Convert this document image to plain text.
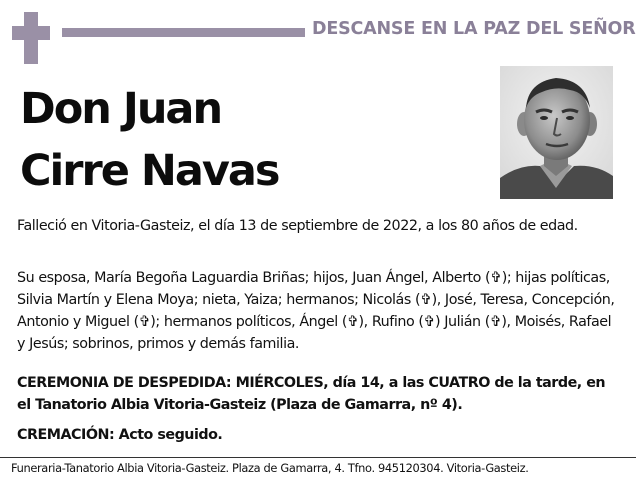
DESCANSE EN LA PAZ DEL SEÑOR
Don Juan
Cirre Navas

Falleció en Vitoria-Gasteiz, el día 13 de septiembre de 2022, a los 80 años de edad.

Su esposa, María Begoña Laguardia Briñas; hijos, Juan Ángel, Alberto (✞); hijas políticas, Silvia Martín y Elena Moya; nieta, Yaiza; hermanos; Nicolás (✞), José, Teresa, Concepción, Antonio y Miguel (✞); hermanos políticos, Ángel (✞), Rufino (✞) Julián (✞), Moisés, Rafael y Jesús; sobrinos, primos y demás familia.

CEREMONIA DE DESPEDIDA: MIÉRCOLES, día 14, a las CUATRO de la tarde, en el Tanatorio Albia Vitoria-Gasteiz (Plaza de Gamarra, nº 4).

CREMACIÓN: Acto seguido.

Funeraria-Tanatorio Albia Vitoria-Gasteiz. Plaza de Gamarra, 4. Tfno. 945120304. Vitoria-Gasteiz.
